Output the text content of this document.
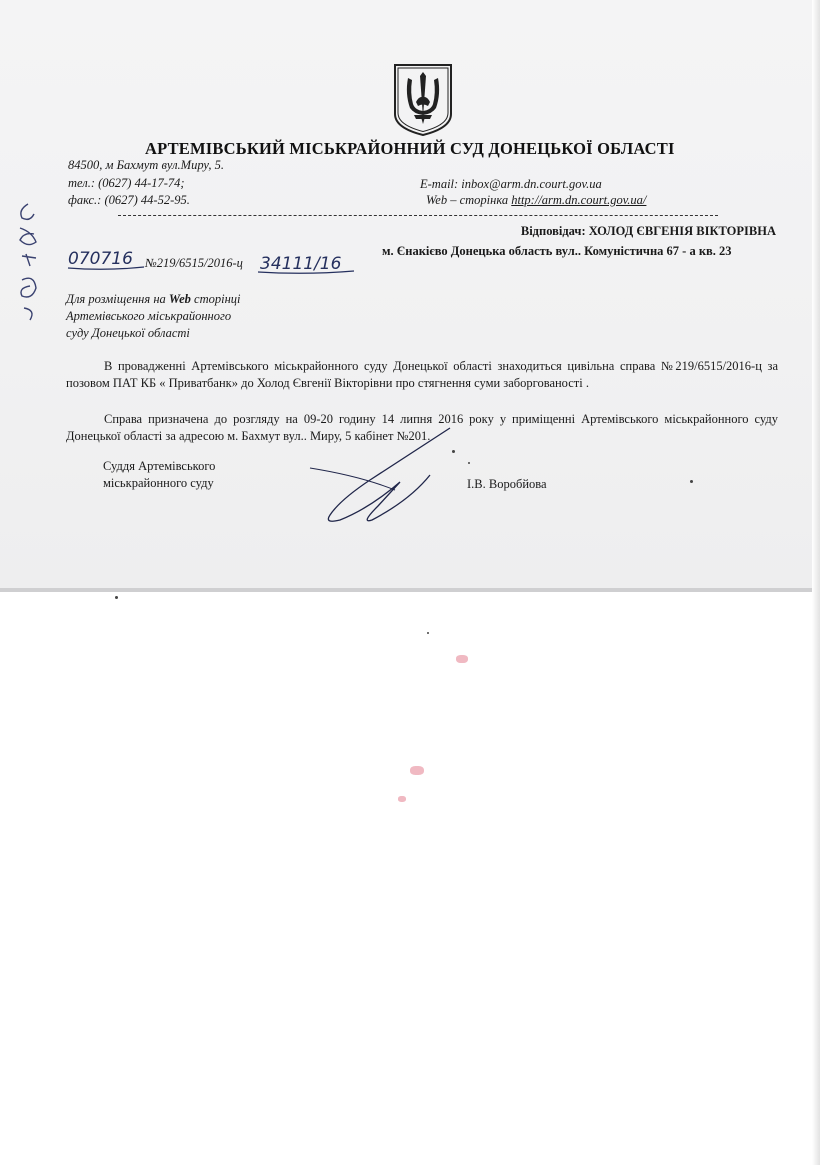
АРТЕМІВСЬКИЙ МІСЬКРАЙОННИЙ СУД ДОНЕЦЬКОЇ ОБЛАСТІ
84500, м Бахмут вул.Миру, 5.
тел.: (0627) 44-17-74;
факс.: (0627) 44-52-95.
E-mail: inbox@arm.dn.court.gov.ua
Web – сторінка http://arm.dn.court.gov.ua/
Відповідач: ХОЛОД ЄВГЕНІЯ ВІКТОРІВНА
м. Єнакієво Донецька область вул.. Комуністична 67 - а кв. 23
070716 №219/6515/2016-ц 34111/16
Для розміщення на Web сторінці
Артемівського міськрайонного
суду Донецької області
В провадженні Артемівського міськрайонного суду Донецької області знаходиться цивільна справа №219/6515/2016-ц за позовом ПАТ КБ « Приватбанк» до Холод Євгенії Вікторівни про стягнення суми заборгованості .
Справа призначена до розгляду на 09-20 годину 14 липня 2016 року у приміщенні Артемівського міськрайонного суду Донецької області за адресою м. Бахмут вул.. Миру, 5 кабінет №201.
Суддя Артемівського
міськрайонного суду	І.В. Воробйова
